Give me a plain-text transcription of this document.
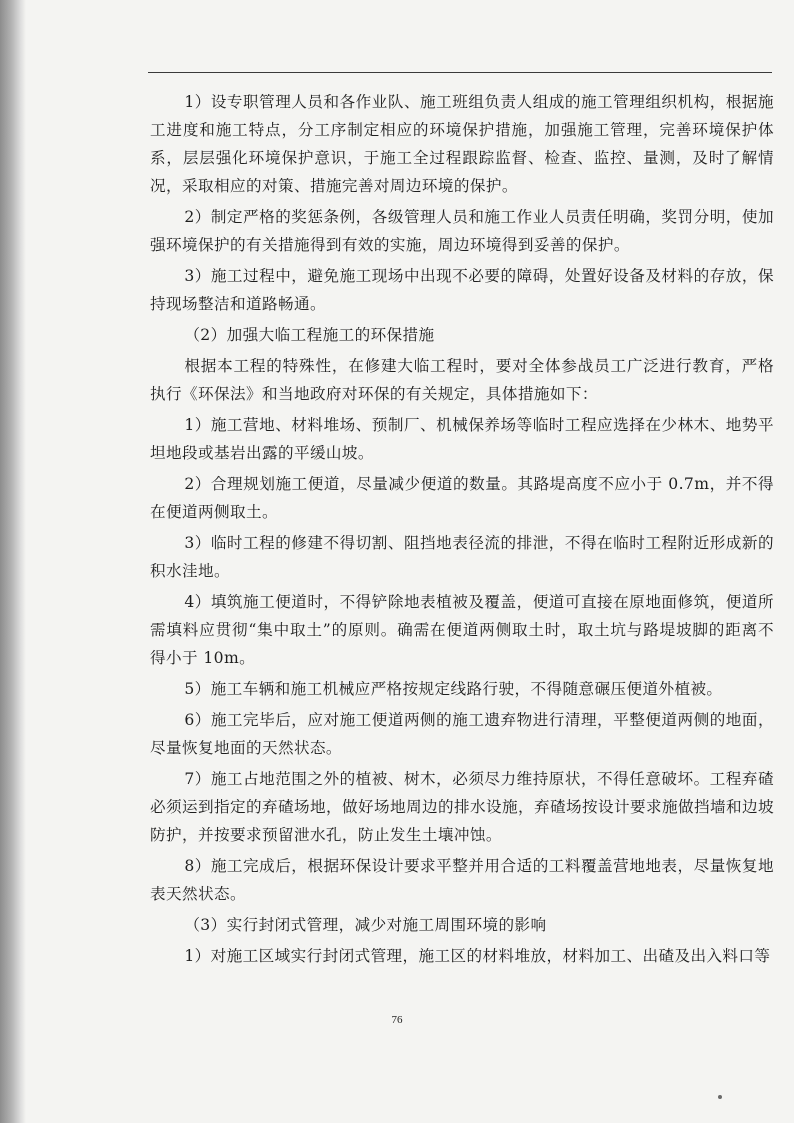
1）设专职管理人员和各作业队、施工班组负责人组成的施工管理组织机构，根据施工进度和施工特点，分工序制定相应的环境保护措施，加强施工管理，完善环境保护体系，层层强化环境保护意识，于施工全过程跟踪监督、检查、监控、量测，及时了解情况，采取相应的对策、措施完善对周边环境的保护。

2）制定严格的奖惩条例，各级管理人员和施工作业人员责任明确，奖罚分明，使加强环境保护的有关措施得到有效的实施，周边环境得到妥善的保护。

3）施工过程中，避免施工现场中出现不必要的障碍，处置好设备及材料的存放，保持现场整洁和道路畅通。

（2）加强大临工程施工的环保措施

根据本工程的特殊性，在修建大临工程时，要对全体参战员工广泛进行教育，严格执行《环保法》和当地政府对环保的有关规定，具体措施如下：

1）施工营地、材料堆场、预制厂、机械保养场等临时工程应选择在少林木、地势平坦地段或基岩出露的平缓山坡。

2）合理规划施工便道，尽量减少便道的数量。其路堤高度不应小于 0.7m，并不得在便道两侧取土。

3）临时工程的修建不得切割、阻挡地表径流的排泄，不得在临时工程附近形成新的积水洼地。

4）填筑施工便道时，不得铲除地表植被及覆盖，便道可直接在原地面修筑，便道所需填料应贯彻“集中取土”的原则。确需在便道两侧取土时，取土坑与路堤坡脚的距离不得小于 10m。

5）施工车辆和施工机械应严格按规定线路行驶，不得随意碾压便道外植被。

6）施工完毕后，应对施工便道两侧的施工遗弃物进行清理，平整便道两侧的地面，尽量恢复地面的天然状态。

7）施工占地范围之外的植被、树木，必须尽力维持原状，不得任意破坏。工程弃碴必须运到指定的弃碴场地，做好场地周边的排水设施，弃碴场按设计要求施做挡墙和边坡防护，并按要求预留泄水孔，防止发生土壤冲蚀。

8）施工完成后，根据环保设计要求平整并用合适的工料覆盖营地地表，尽量恢复地表天然状态。

（3）实行封闭式管理，减少对施工周围环境的影响

1）对施工区域实行封闭式管理，施工区的材料堆放，材料加工、出碴及出入料口等

76
